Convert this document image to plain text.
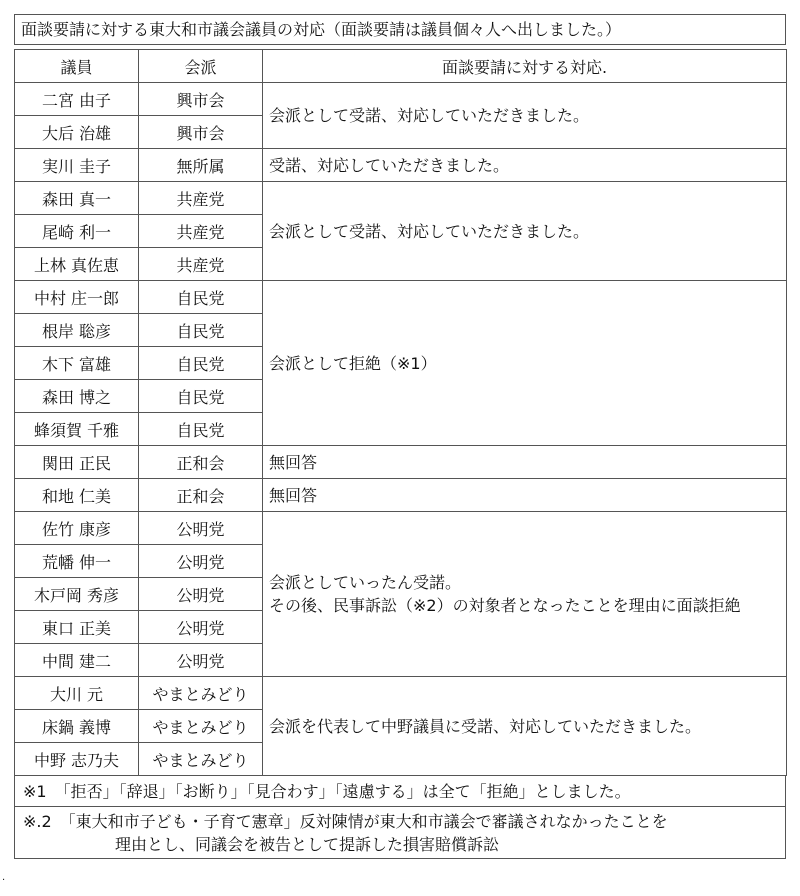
面談要請に対する東大和市議会議員の対応（面談要請は議員個々人へ出しました。）
議員	会派	面談要請に対する対応.
二宮 由子	興市会	会派として受諾、対応していただきました。
大后 治雄	興市会	
実川 圭子	無所属	受諾、対応していただきました。
森田 真一	共産党	会派として受諾、対応していただきました。
尾崎 利一	共産党	
上林 真佐恵	共産党	
中村 庄一郎	自民党	会派として拒絶（※1）
根岸 聡彦	自民党	
木下 富雄	自民党	
森田 博之	自民党	
蜂須賀 千雅	自民党	
関田 正民	正和会	無回答
和地 仁美	正和会	無回答
佐竹 康彦	公明党	会派としていったん受諾。
その後、民事訴訟（※2）の対象者となったことを理由に面談拒絶

荒幡 伸一	公明党	
木戸岡 秀彦	公明党	
東口 正美	公明党	
中間 建二	公明党	
大川 元	やまとみどり	会派を代表して中野議員に受諾、対応していただきました。
床鍋 義博	やまとみどり	
中野 志乃夫	やまとみどり	
※1　「拒否」「辞退」「お断り」「見合わす」「遠慮する」は全て「拒絶」としました。
※.2　「東大和市子ども・子育て憲章」反対陳情が東大和市議会で審議されなかったことを
理由とし、同議会を被告として提訴した損害賠償訴訟
.
